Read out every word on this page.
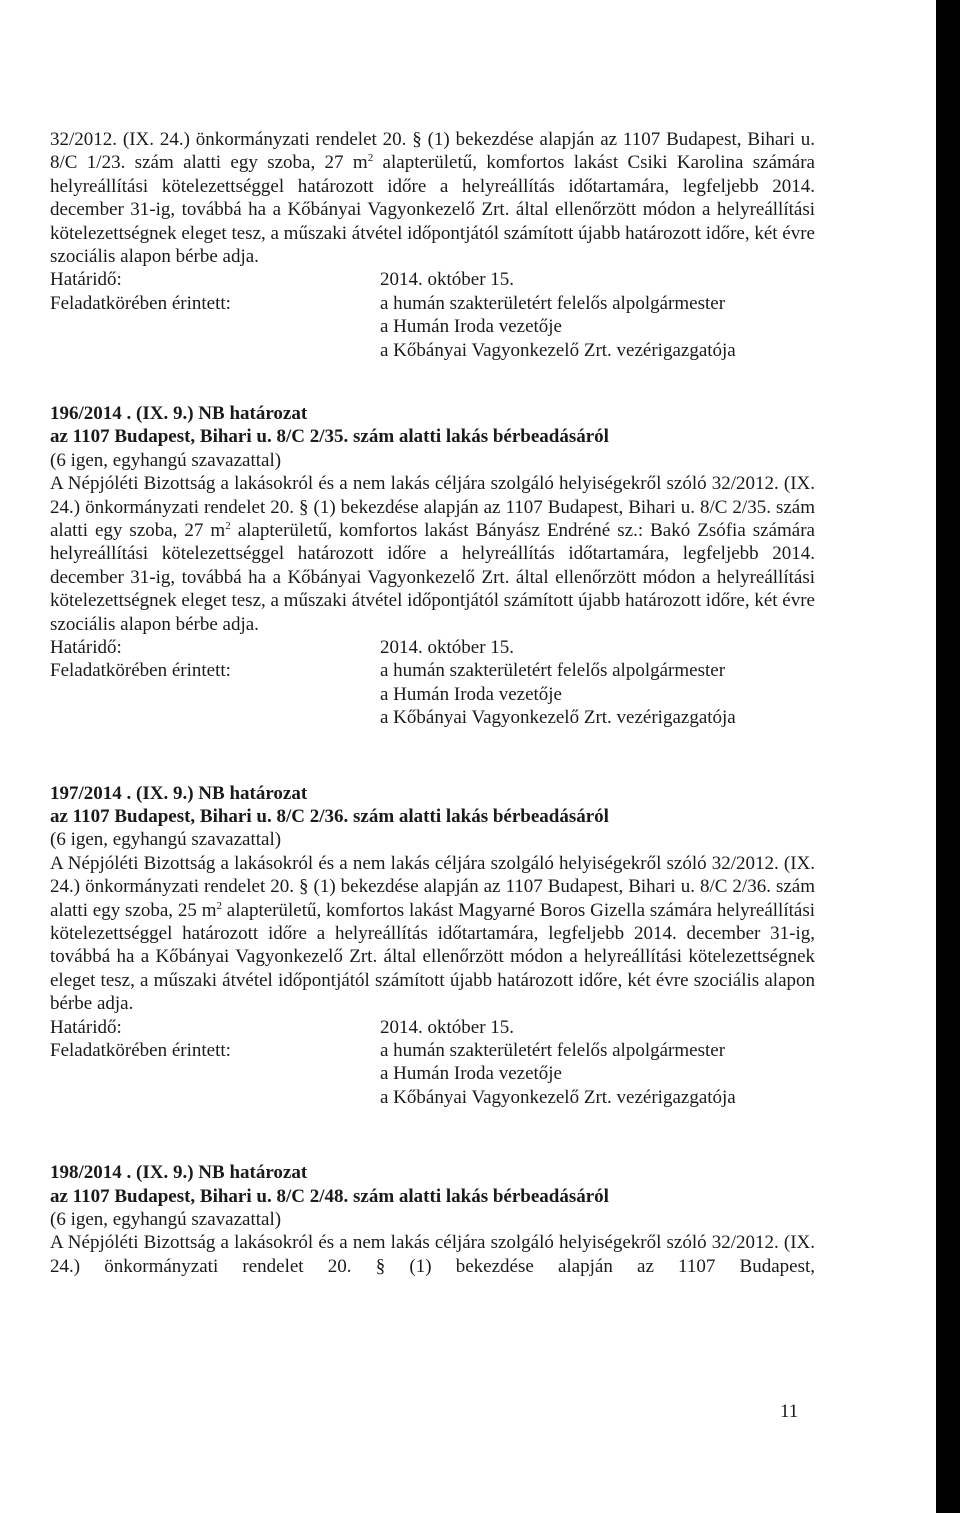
32/2012. (IX. 24.) önkormányzati rendelet 20. § (1) bekezdése alapján az 1107 Budapest, Bihari u. 8/C 1/23. szám alatti egy szoba, 27 $m^2$ alapterületű, komfortos lakást Csiki Karolina számára helyreállítási kötelezettséggel határozott időre a helyreállítás időtartamára, legfeljebb 2014. december 31-ig, továbbá ha a Kőbányai Vagyonkezelő Zrt. által ellenőrzött módon a helyreállítási kötelezettségnek eleget tesz, a műszaki átvétel időpontjától számított újabb határozott időre, két évre szociális alapon bérbe adja.

Határidő:	2014. október 15.
Feladatkörében érintett:	a humán szakterületért felelős alpolgármester
a Humán Iroda vezetője
a Kőbányai Vagyonkezelő Zrt. vezérigazgatója

196/2014 . (IX. 9.) NB határozat

az 1107 Budapest, Bihari u. 8/C 2/35. szám alatti lakás bérbeadásáról

(6 igen, egyhangú szavazattal)

A Népjóléti Bizottság a lakásokról és a nem lakás céljára szolgáló helyiségekről szóló 32/2012. (IX. 24.) önkormányzati rendelet 20. § (1) bekezdése alapján az 1107 Budapest, Bihari u. 8/C 2/35. szám alatti egy szoba, 27 $m^2$ alapterületű, komfortos lakást Bányász Endréné sz.: Bakó Zsófia számára helyreállítási kötelezettséggel határozott időre a helyreállítás időtartamára, legfeljebb 2014. december 31-ig, továbbá ha a Kőbányai Vagyonkezelő Zrt. által ellenőrzött módon a helyreállítási kötelezettségnek eleget tesz, a műszaki átvétel időpontjától számított újabb határozott időre, két évre szociális alapon bérbe adja.

Határidő:	2014. október 15.
Feladatkörében érintett:	a humán szakterületért felelős alpolgármester
a Humán Iroda vezetője
a Kőbányai Vagyonkezelő Zrt. vezérigazgatója

197/2014 . (IX. 9.) NB határozat

az 1107 Budapest, Bihari u. 8/C 2/36. szám alatti lakás bérbeadásáról

(6 igen, egyhangú szavazattal)

A Népjóléti Bizottság a lakásokról és a nem lakás céljára szolgáló helyiségekről szóló 32/2012. (IX. 24.) önkormányzati rendelet 20. § (1) bekezdése alapján az 1107 Budapest, Bihari u. 8/C 2/36. szám alatti egy szoba, 25 $m^2$ alapterületű, komfortos lakást Magyarné Boros Gizella számára helyreállítási kötelezettséggel határozott időre a helyreállítás időtartamára, legfeljebb 2014. december 31-ig, továbbá ha a Kőbányai Vagyonkezelő Zrt. által ellenőrzött módon a helyreállítási kötelezettségnek eleget tesz, a műszaki átvétel időpontjától számított újabb határozott időre, két évre szociális alapon bérbe adja.

Határidő:	2014. október 15.
Feladatkörében érintett:	a humán szakterületért felelős alpolgármester
a Humán Iroda vezetője
a Kőbányai Vagyonkezelő Zrt. vezérigazgatója

198/2014 . (IX. 9.) NB határozat

az 1107 Budapest, Bihari u. 8/C 2/48. szám alatti lakás bérbeadásáról

(6 igen, egyhangú szavazattal)

A Népjóléti Bizottság a lakásokról és a nem lakás céljára szolgáló helyiségekről szóló 32/2012. (IX. 24.) önkormányzati rendelet 20. § (1) bekezdése alapján az 1107 Budapest,

11
